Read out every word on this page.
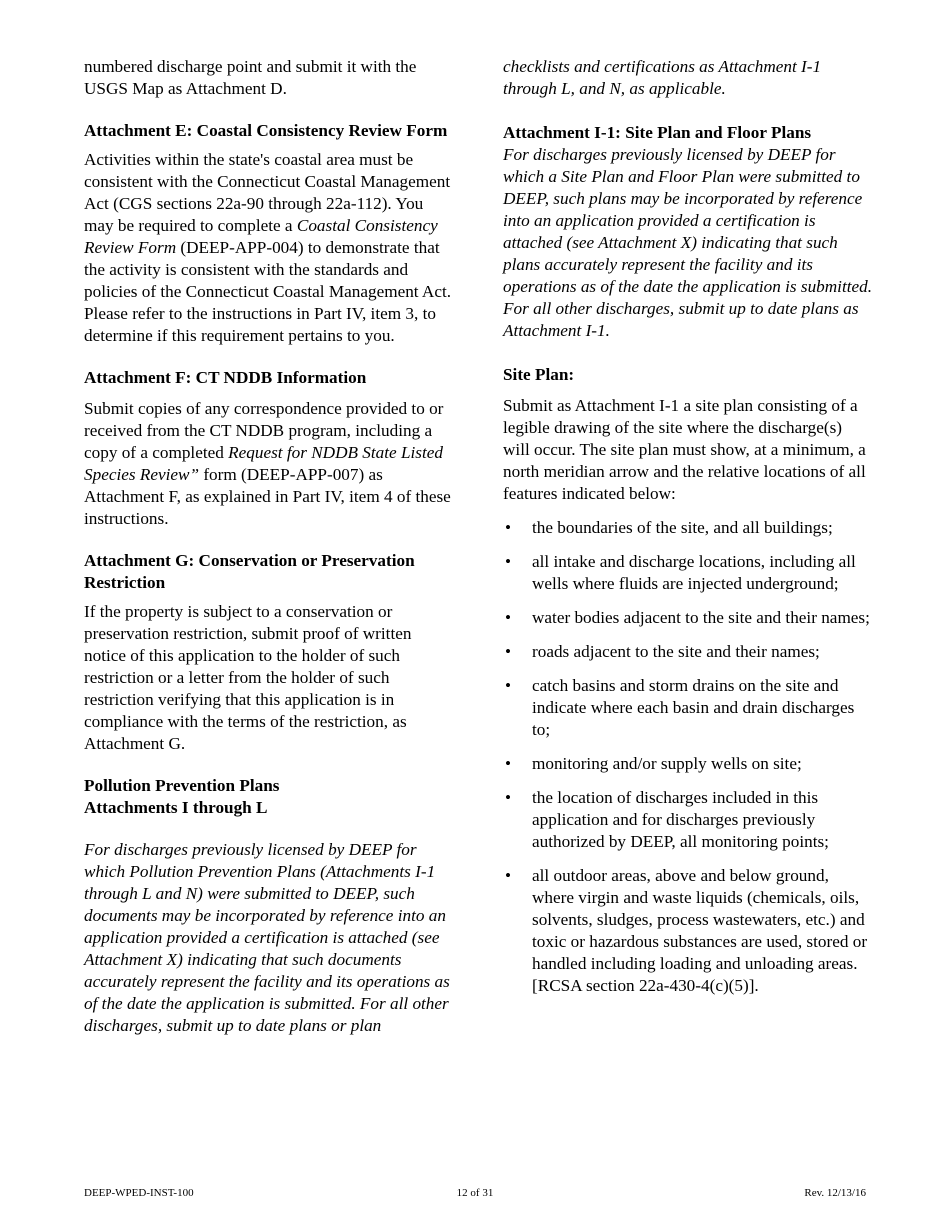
numbered discharge point and submit it with the USGS Map as Attachment D.

Attachment E: Coastal Consistency Review Form

Activities within the state's coastal area must be consistent with the Connecticut Coastal Management Act (CGS sections 22a-90 through 22a-112). You may be required to complete a Coastal Consistency Review Form (DEEP-APP-004) to demonstrate that the activity is consistent with the standards and policies of the Connecticut Coastal Management Act. Please refer to the instructions in Part IV, item 3, to determine if this requirement pertains to you.

Attachment F: CT NDDB Information

Submit copies of any correspondence provided to or received from the CT NDDB program, including a copy of a completed Request for NDDB State Listed Species Review” form (DEEP-APP-007) as Attachment F, as explained in Part IV, item 4 of these instructions.

Attachment G: Conservation or Preservation Restriction

If the property is subject to a conservation or preservation restriction, submit proof of written notice of this application to the holder of such restriction or a letter from the holder of such restriction verifying that this application is in compliance with the terms of the restriction, as Attachment G.

Pollution Prevention Plans
Attachments I through L

For discharges previously licensed by DEEP for which Pollution Prevention Plans (Attachments I-1 through L and N) were submitted to DEEP, such documents may be incorporated by reference into an application provided a certification is attached (see Attachment X) indicating that such documents accurately represent the facility and its operations as of the date the application is submitted. For all other discharges, submit up to date plans or plan

checklists and certifications as Attachment I-1 through L, and N, as applicable.

Attachment I-1: Site Plan and Floor Plans

For discharges previously licensed by DEEP for which a Site Plan and Floor Plan were submitted to DEEP, such plans may be incorporated by reference into an application provided a certification is attached (see Attachment X) indicating that such plans accurately represent the facility and its operations as of the date the application is submitted. For all other discharges, submit up to date plans as Attachment I-1.

Site Plan:

Submit as Attachment I-1 a site plan consisting of a legible drawing of the site where the discharge(s) will occur. The site plan must show, at a minimum, a north meridian arrow and the relative locations of all features indicated below:

• the boundaries of the site, and all buildings;
• all intake and discharge locations, including all wells where fluids are injected underground;
• water bodies adjacent to the site and their names;
• roads adjacent to the site and their names;
• catch basins and storm drains on the site and indicate where each basin and drain discharges to;
• monitoring and/or supply wells on site;
• the location of discharges included in this application and for discharges previously authorized by DEEP, all monitoring points;
• all outdoor areas, above and below ground, where virgin and waste liquids (chemicals, oils, solvents, sludges, process wastewaters, etc.) and toxic or hazardous substances are used, stored or handled including loading and unloading areas. [RCSA section 22a-430-4(c)(5)].
DEEP-WPED-INST-100	12 of 31	Rev. 12/13/16
